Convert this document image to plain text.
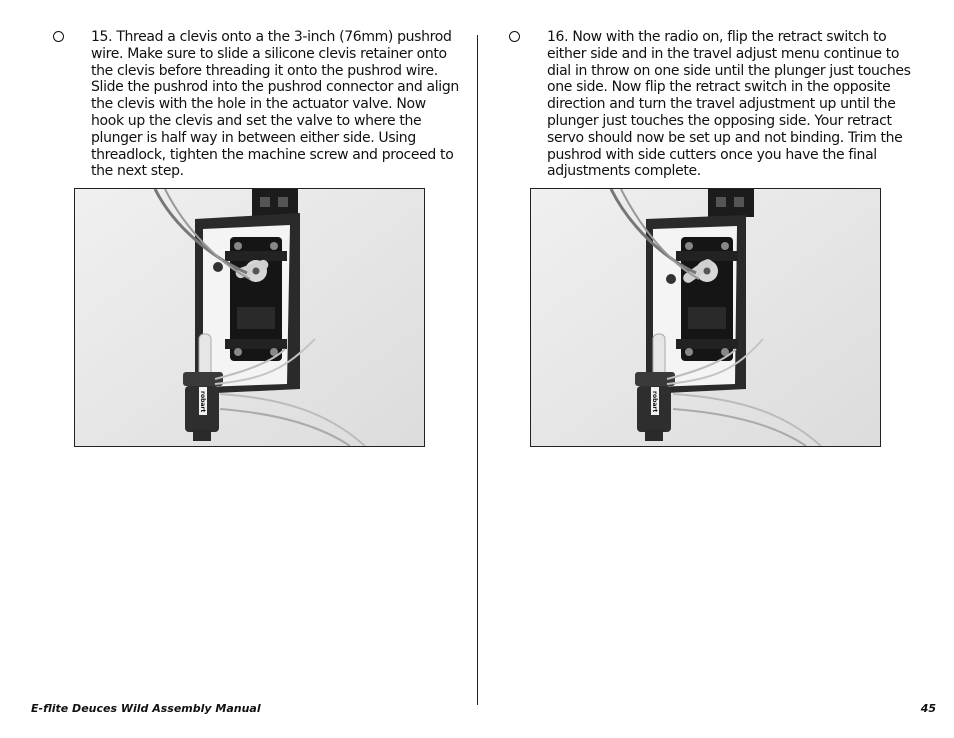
15. Thread a clevis onto a the 3-inch (76mm) pushrod wire. Make sure to slide a silicone clevis retainer onto the clevis before threading it onto the pushrod wire. Slide the pushrod into the pushrod connector and align the clevis with the hole in the actuator valve. Now hook up the clevis and set the valve to where the plunger is half way in between either side. Using threadlock, tighten the machine screw and proceed to the next step.

16. Now with the radio on, flip the retract switch to either side and in the travel adjust menu continue to dial in throw on one side until the plunger just touches one side. Now flip the retract switch in the opposite direction and turn the travel adjustment up until the plunger just touches the opposing side. Your retract servo should now be set up and not binding. Trim the pushrod with side cutters once you have the final adjustments complete.

robart	robart
E-flite Deuces Wild Assembly Manual	45
